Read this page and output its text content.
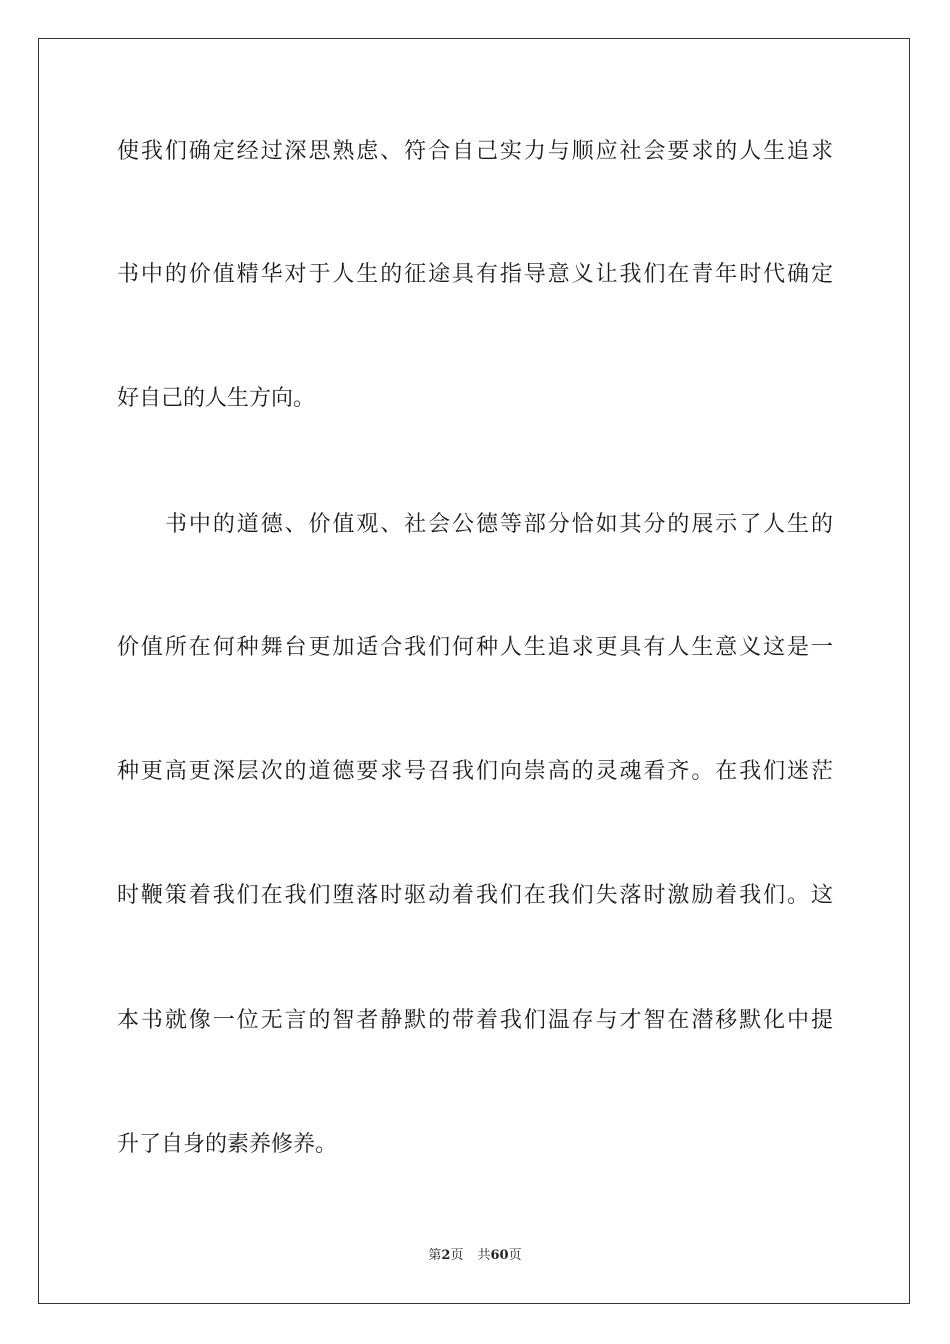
使我们确定经过深思熟虑、符合自己实力与顺应社会要求的人生追求
书中的价值精华对于人生的征途具有指导意义让我们在青年时代确定
好自己的人生方向。
书中的道德、价值观、社会公德等部分恰如其分的展示了人生的
价值所在何种舞台更加适合我们何种人生追求更具有人生意义这是一
种更高更深层次的道德要求号召我们向崇高的灵魂看齐。在我们迷茫
时鞭策着我们在我们堕落时驱动着我们在我们失落时激励着我们。这
本书就像一位无言的智者静默的带着我们温存与才智在潜移默化中提
升了自身的素养修养。
第2页 共60页
